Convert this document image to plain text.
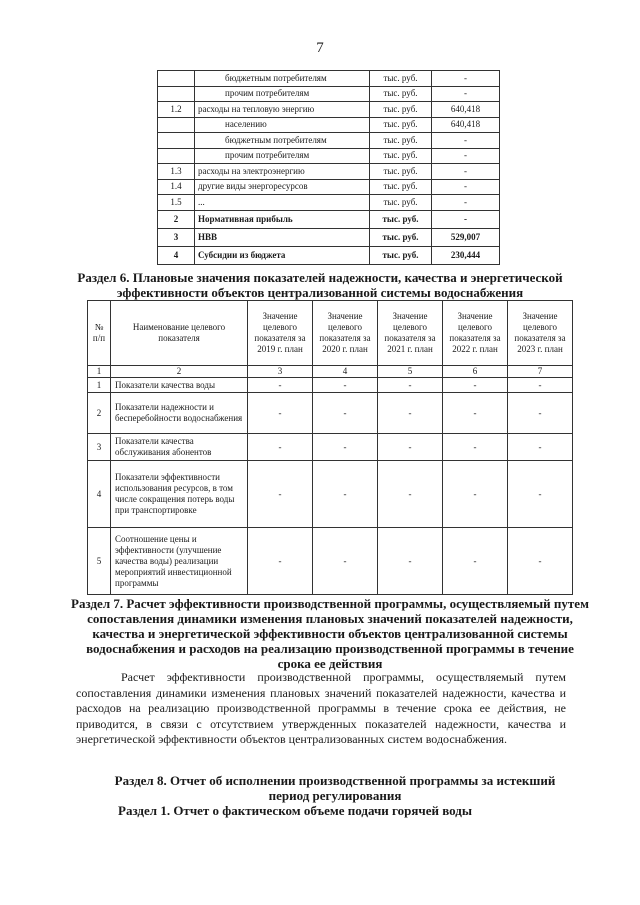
7
	бюджетным потребителям	тыс. руб.	-
	прочим потребителям	тыс. руб.	-
1.2	расходы на тепловую энергию	тыс. руб.	640,418
	населению	тыс. руб.	640,418
	бюджетным потребителям	тыс. руб.	-
	прочим потребителям	тыс. руб.	-
1.3	расходы на электроэнергию	тыс. руб.	-
1.4	другие виды энергоресурсов	тыс. руб.	-
1.5	...	тыс. руб.	-
2	Нормативная прибыль	тыс. руб.	-
3	НВВ	тыс. руб.	529,007
4	Субсидии из бюджета	тыс. руб.	230,444
Раздел 6. Плановые значения показателей надежности, качества и энергетической эффективности объектов централизованной системы водоснабжения
№ п/п	Наименование целевого показателя	Значение целевого показателя за 2019 г. план	Значение целевого показателя за 2020 г. план	Значение целевого показателя за 2021 г. план	Значение целевого показателя за 2022 г. план	Значение целевого показателя за 2023 г. план
1	2	3	4	5	6	7
1	Показатели качества воды	-	-	-	-	-
2	Показатели надежности и бесперебойности водоснабжения	-	-	-	-	-
3	Показатели качества обслуживания абонентов	-	-	-	-	-
4	Показатели эффективности использования ресурсов, в том числе сокращения потерь воды при транспортировке	-	-	-	-	-
5	Соотношение цены и эффективности (улучшение качества воды) реализации мероприятий инвестиционной программы	-	-	-	-	-
Раздел 7. Расчет эффективности производственной программы, осуществляемый путем сопоставления динамики изменения плановых значений показателей надежности, качества и энергетической эффективности объектов централизованной системы водоснабжения и расходов на реализацию производственной программы в течение срока ее действия
Расчет эффективности производственной программы, осуществляемый путем сопоставления динамики изменения плановых значений показателей надежности, качества и расходов на реализацию производственной программы в течение срока ее действия, не приводится, в связи с отсутствием утвержденных показателей надежности, качества и энергетической эффективности объектов централизованных систем водоснабжения.
Раздел 8. Отчет об исполнении производственной программы за истекший период регулирования
Раздел 1. Отчет о фактическом объеме подачи горячей воды
